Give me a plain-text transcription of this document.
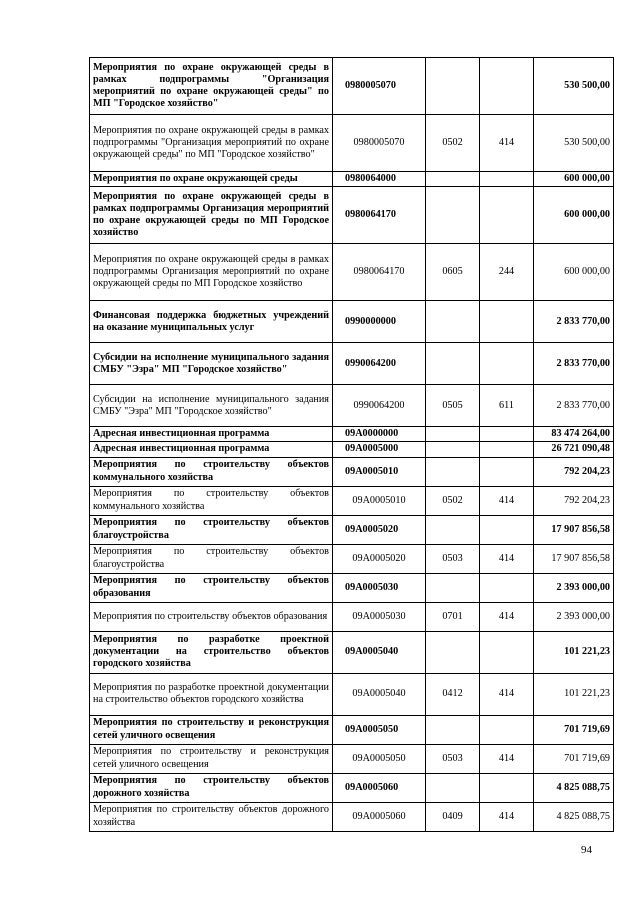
Мероприятия по охране окружающей среды в рамках подпрограммы "Организация мероприятий по охране окружающей среды" по МП "Городское хозяйство"	0980005070			530 500,00
Мероприятия по охране окружающей среды в рамках подпрограммы "Организация мероприятий по охране окружающей среды" по МП "Городское хозяйство"	0980005070	0502	414	530 500,00
Мероприятия по охране окружающей среды	0980064000			600 000,00
Мероприятия по охране окружающей среды в рамках подпрограммы Организация мероприятий по охране окружающей среды по МП Городское хозяйство	0980064170			600 000,00
Мероприятия по охране окружающей среды в рамках подпрограммы Организация мероприятий по охране окружающей среды по МП Городское хозяйство	0980064170	0605	244	600 000,00
Финансовая поддержка бюджетных учреждений на оказание муниципальных услуг	0990000000			2 833 770,00
Субсидии на исполнение муниципального задания СМБУ "Эзра" МП "Городское хозяйство"	0990064200			2 833 770,00
Субсидии на исполнение муниципального задания СМБУ "Эзра" МП "Городское хозяйство"	0990064200	0505	611	2 833 770,00
Адресная инвестиционная программа	09А0000000			83 474 264,00
Адресная инвестиционная программа	09А0005000			26 721 090,48
Мероприятия по строительству объектов коммунального хозяйства	09А0005010			792 204,23
Мероприятия по строительству объектов коммунального хозяйства	09А0005010	0502	414	792 204,23
Мероприятия по строительству объектов благоустройства	09А0005020			17 907 856,58
Мероприятия по строительству объектов благоустройства	09А0005020	0503	414	17 907 856,58
Мероприятия по строительству объектов образования	09А0005030			2 393 000,00
Мероприятия по строительству объектов образования	09А0005030	0701	414	2 393 000,00
Мероприятия по разработке проектной документации на строительство объектов городского хозяйства	09А0005040			101 221,23
Мероприятия по разработке проектной документации на строительство объектов городского хозяйства	09А0005040	0412	414	101 221,23
Мероприятия по строительству и реконструкция сетей уличного освещения	09А0005050			701 719,69
Мероприятия по строительству и реконструкция сетей уличного освещения	09А0005050	0503	414	701 719,69
Мероприятия по строительству объектов дорожного хозяйства	09А0005060			4 825 088,75
Мероприятия по строительству объектов дорожного хозяйства	09А0005060	0409	414	4 825 088,75
94
